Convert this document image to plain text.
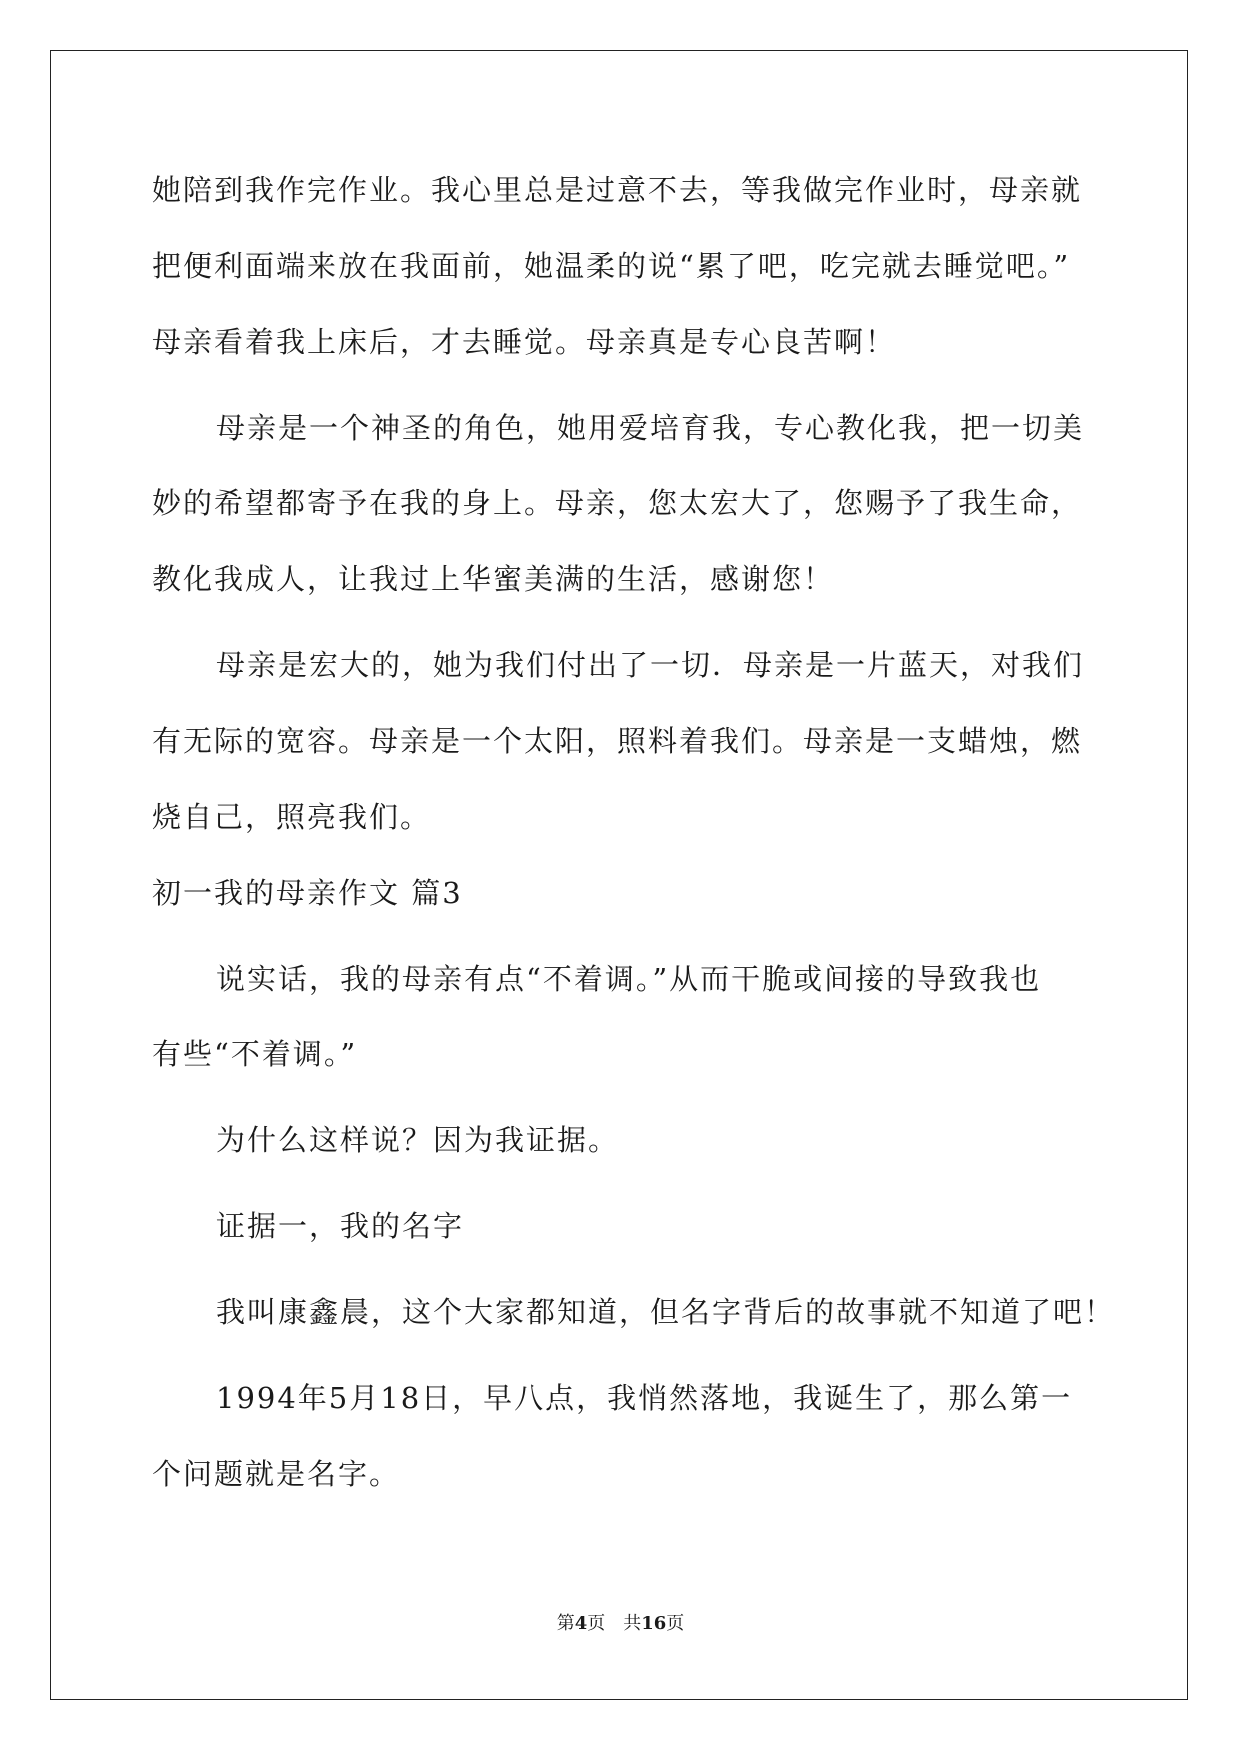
她陪到我作完作业。我心里总是过意不去，等我做完作业时，母亲就
把便利面端来放在我面前，她温柔的说“累了吧，吃完就去睡觉吧。”
母亲看着我上床后，才去睡觉。母亲真是专心良苦啊！
母亲是一个神圣的角色，她用爱培育我，专心教化我，把一切美
妙的希望都寄予在我的身上。母亲，您太宏大了，您赐予了我生命，
教化我成人，让我过上华蜜美满的生活，感谢您！
母亲是宏大的，她为我们付出了一切．母亲是一片蓝天，对我们
有无际的宽容。母亲是一个太阳，照料着我们。母亲是一支蜡烛，燃
烧自己，照亮我们。
初一我的母亲作文 篇3
说实话，我的母亲有点“不着调。”从而干脆或间接的导致我也
有些“不着调。”
为什么这样说？因为我证据。
证据一，我的名字
我叫康鑫晨，这个大家都知道，但名字背后的故事就不知道了吧！
1994年5月18日，早八点，我悄然落地，我诞生了，那么第一
个问题就是名字。
第4页　共16页
